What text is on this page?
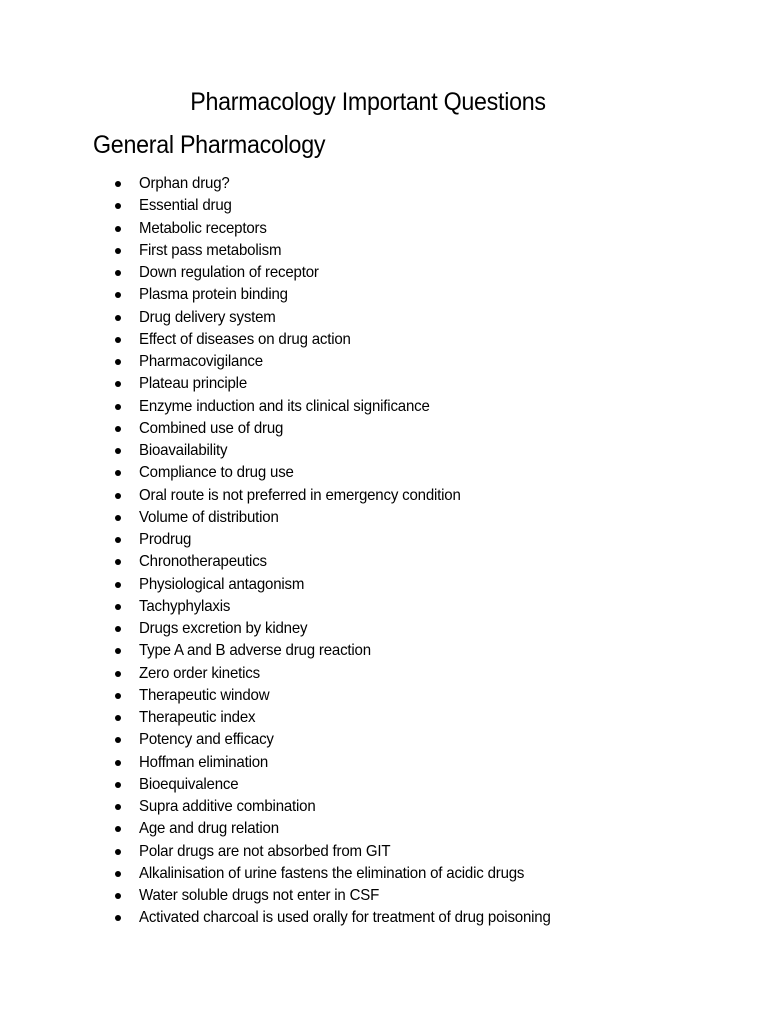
Pharmacology Important Questions
General Pharmacology
Orphan drug?
Essential drug
Metabolic receptors
First pass metabolism
Down regulation of receptor
Plasma protein binding
Drug delivery system
Effect of diseases on drug action
Pharmacovigilance
Plateau principle
Enzyme induction and its clinical significance
Combined use of drug
Bioavailability
Compliance to drug use
Oral route is not preferred in emergency condition
Volume of distribution
Prodrug
Chronotherapeutics
Physiological antagonism
Tachyphylaxis
Drugs excretion by kidney
Type A and B adverse drug reaction
Zero order kinetics
Therapeutic window
Therapeutic index
Potency and efficacy
Hoffman elimination
Bioequivalence
Supra additive combination
Age and drug relation
Polar drugs are not absorbed from GIT
Alkalinisation of urine fastens the elimination of acidic drugs
Water soluble drugs not enter in CSF
Activated charcoal is used orally for treatment of drug poisoning
